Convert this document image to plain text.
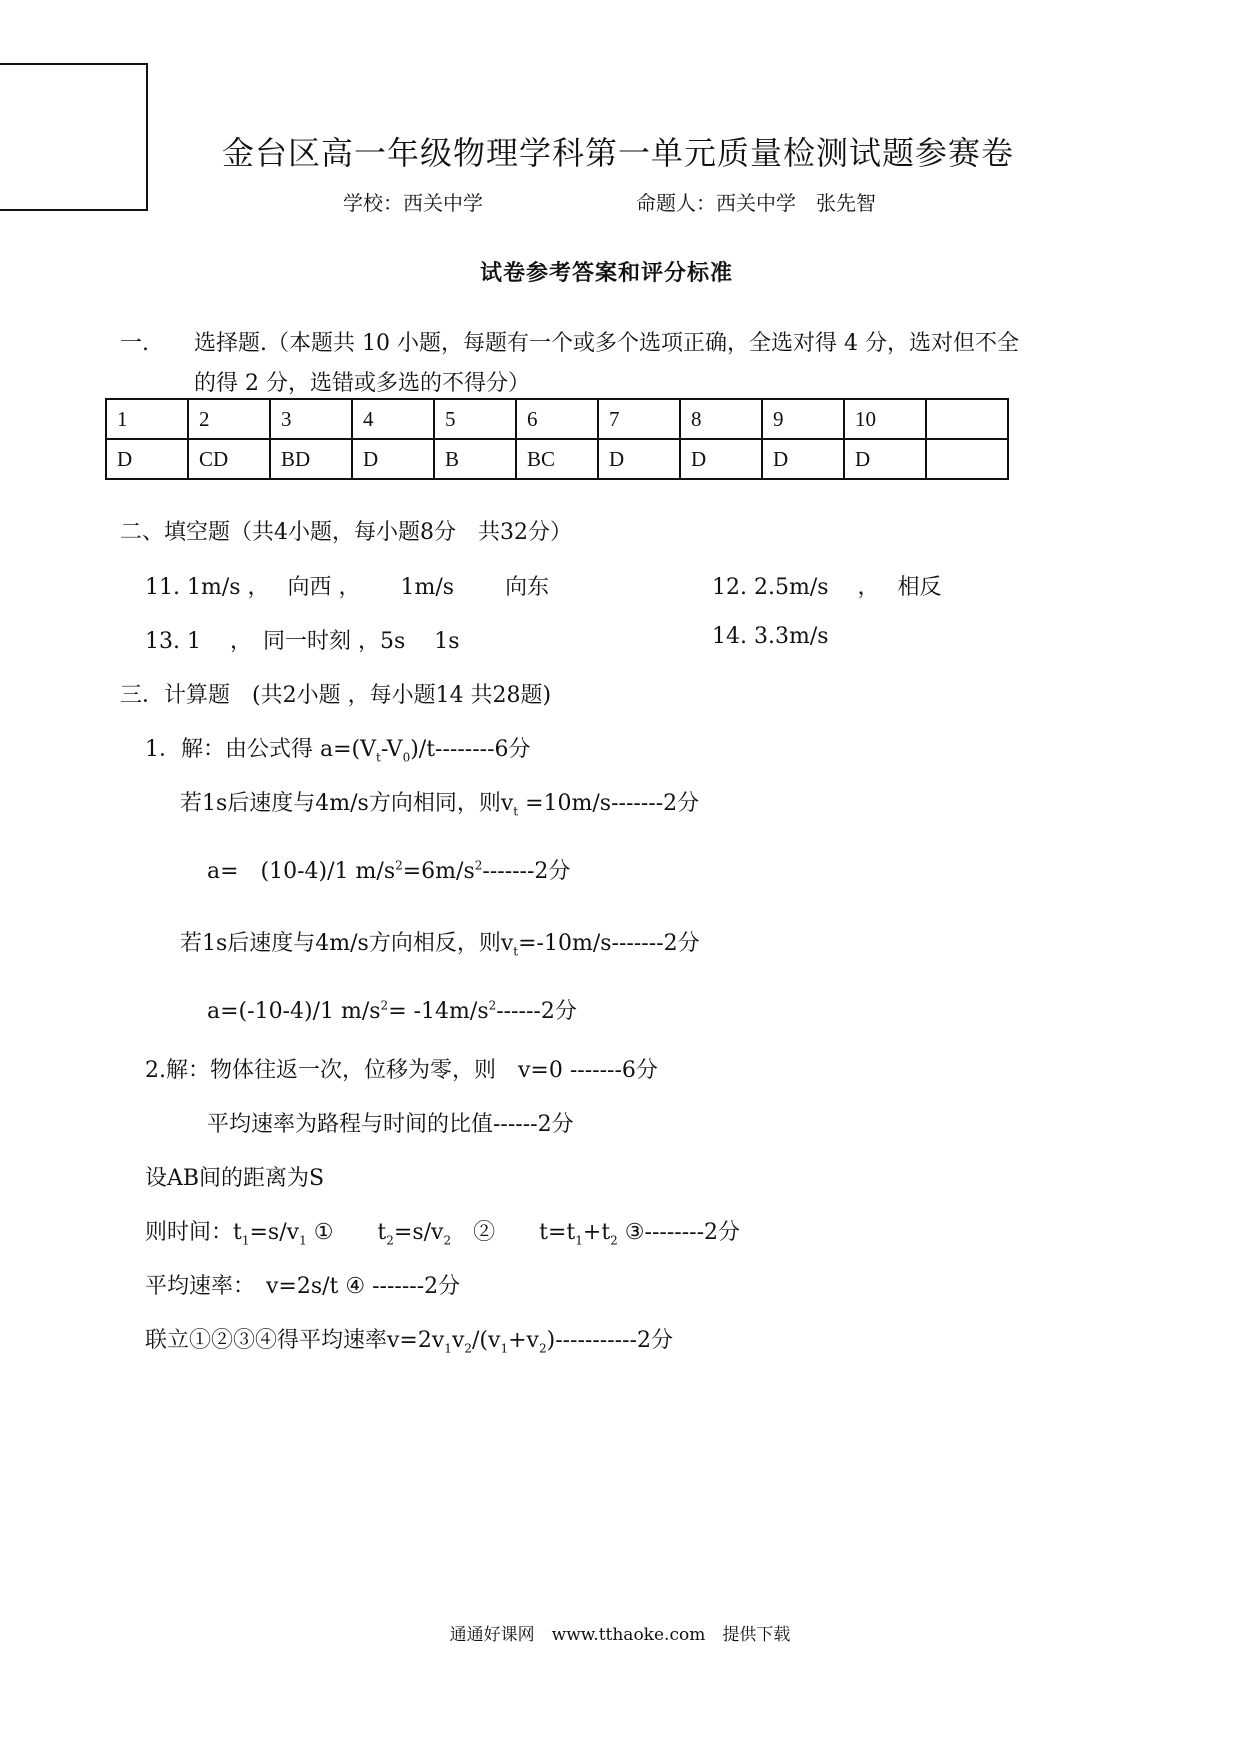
金台区高一年级物理学科第一单元质量检测试题参赛卷
学校：西关中学	命题人：西关中学　张先智
试卷参考答案和评分标准
一. 选择题.（本题共 10 小题，每题有一个或多个选项正确，全选对得 4 分，选对但不全
的得 2 分，选错或多选的不得分）
1	2	3	4	5	6	7	8	9	10	
D	CD	BD	D	B	BC	D	D	D	D	
二、填空题（共4小题，每小题8分　共32分）
11. 1m/s ，　 向西 ，　　 1m/s　　 向东	12. 2.5m/s　 ，　 相反
13. 1　 ，　同一时刻 ，5s　 1s	14. 3.3m/s
三．计算题　(共2小题 ，每小题14 共28题)
1．解：由公式得 $a=(V_t-V_0)/t--------6$分
若1s后速度与4m/s方向相同，则$v_t =10m/s-------2$分
a=　(10-4)/1 $m/s^2=6m/s^2-------2$分
若1s后速度与4m/s方向相反，则$v_t=-10m/s-------2$分
a=(-10-4)/1 $m/s^2= -14m/s^2------2$分
2.解：物体往返一次，位移为零，则　v=0 -------6分
平均速率为路程与时间的比值------2分
设AB间的距离为S
则时间：$t_1=s/v_1$ ①　　$t_2=s/v_2$　②　　$t=t_1+t_2$ ③--------2分
平均速率：　v=2s/t ④ -------2分
联立①②③④得平均速率$v=2v_1v_2/(v_1+v_2)-----------2$分
通通好课网　www.tthaoke.com　提供下载
